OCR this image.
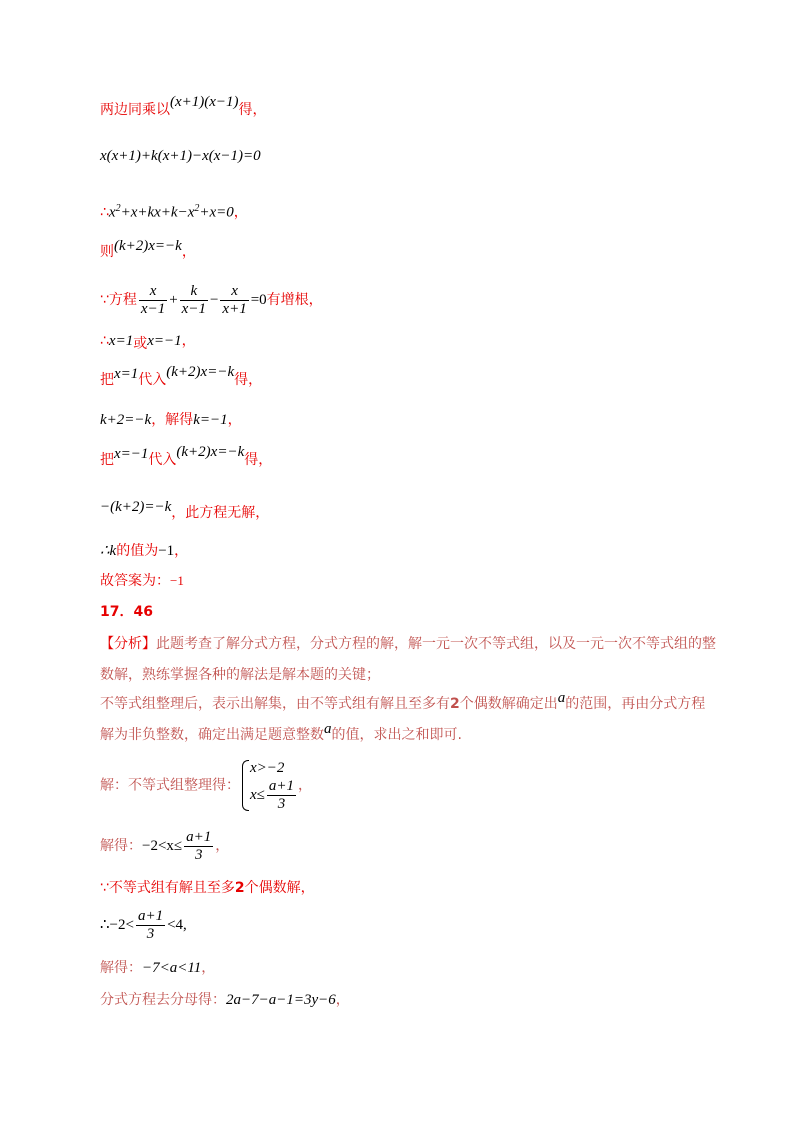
两边同乘以(x+1)(x−1)得，
x(x+1)+k(x+1)−x(x−1)=0
$\therefore x^2+x+kx+k-x^2+x=0$，
则(k+2)x=−k，
∵方程 $\frac{x}{x-1} + \frac{k}{x-1} - \frac{x}{x+1} =0$有增根，
∴x=1或x=−1，
把x=1代入(k+2)x=−k得，
k+2=−k，解得k=−1，
把x=−1代入(k+2)x=−k得，
−(k+2)=−k，此方程无解，
∴k的值为−1，
故答案为：−1
17．46
【分析】此题考查了解分式方程，分式方程的解，解一元一次不等式组，以及一元一次不等式组的整
数解，熟练掌握各种的解法是解本题的关键；
不等式组整理后，表示出解集，由不等式组有解且至多有2个偶数解确定出a的范围，再由分式方程
解为非负整数，确定出满足题意整数a的值，求出之和即可.
解：不等式组整理得：
x>−2
$x\le \frac{a+1}{3}$ ，
解得：$-2<x\le \frac{a+1}{3}$ ，
∵不等式组有解且至多2个偶数解，
∴−2< $\frac{a+1}{3} <4$,
解得：−7<a<11，
分式方程去分母得：2a−7−a−1=3y−6，
